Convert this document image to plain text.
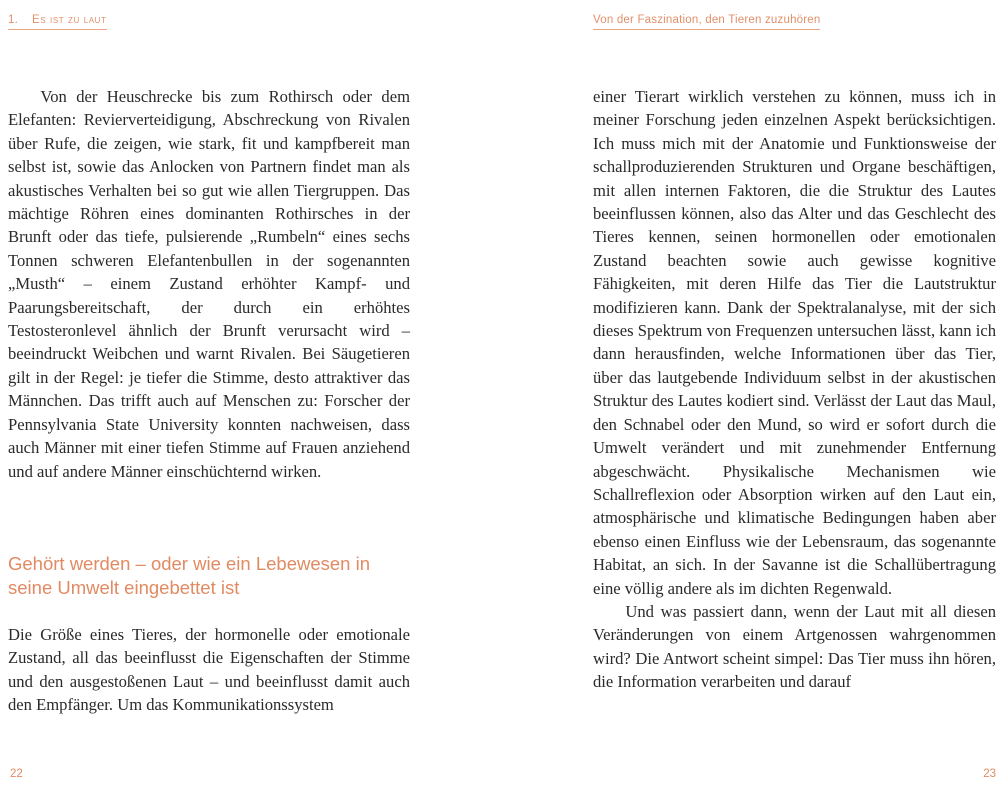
1. Es ist zu laut

Von der Heuschrecke bis zum Rothirsch oder dem Elefanten: Revierverteidigung, Abschreckung von Rivalen über Rufe, die zeigen, wie stark, fit und kampfbereit man selbst ist, sowie das Anlocken von Partnern findet man als akustisches Verhalten bei so gut wie allen Tiergruppen. Das mächtige Röhren eines dominanten Rothirsches in der Brunft oder das tiefe, pulsierende „Rumbeln“ eines sechs Tonnen schweren Elefantenbullen in der sogenannten „Musth“ – einem Zustand erhöhter Kampf- und Paarungsbereitschaft, der durch ein erhöhtes Testosteronlevel ähnlich der Brunft verursacht wird – beeindruckt Weibchen und warnt Rivalen. Bei Säugetieren gilt in der Regel: je tiefer die Stimme, desto attraktiver das Männchen. Das trifft auch auf Menschen zu: Forscher der Pennsylvania State University konnten nachweisen, dass auch Männer mit einer tiefen Stimme auf Frauen anziehend und auf andere Männer einschüchternd wirken.

Gehört werden – oder wie ein Lebewesen in seine Umwelt eingebettet ist

Die Größe eines Tieres, der hormonelle oder emotionale Zustand, all das beeinflusst die Eigenschaften der Stimme und den ausgestoßenen Laut – und beeinflusst damit auch den Empfänger. Um das Kommunikationssystem

22
Von der Faszination, den Tieren zuzuhören

einer Tierart wirklich verstehen zu können, muss ich in meiner Forschung jeden einzelnen Aspekt berücksichtigen. Ich muss mich mit der Anatomie und Funktionsweise der schallproduzierenden Strukturen und Organe beschäftigen, mit allen internen Faktoren, die die Struktur des Lautes beeinflussen können, also das Alter und das Geschlecht des Tieres kennen, seinen hormonellen oder emotionalen Zustand beachten sowie auch gewisse kognitive Fähigkeiten, mit deren Hilfe das Tier die Lautstruktur modifizieren kann. Dank der Spektralanalyse, mit der sich dieses Spektrum von Frequenzen untersuchen lässt, kann ich dann herausfinden, welche Informationen über das Tier, über das lautgebende Individuum selbst in der akustischen Struktur des Lautes kodiert sind. Verlässt der Laut das Maul, den Schnabel oder den Mund, so wird er sofort durch die Umwelt verändert und mit zunehmender Entfernung abgeschwächt. Physikalische Mechanismen wie Schallreflexion oder Absorption wirken auf den Laut ein, atmosphärische und klimatische Bedingungen haben aber ebenso einen Einfluss wie der Lebensraum, das sogenannte Habitat, an sich. In der Savanne ist die Schallübertragung eine völlig andere als im dichten Regenwald.

Und was passiert dann, wenn der Laut mit all diesen Veränderungen von einem Artgenossen wahrgenommen wird? Die Antwort scheint simpel: Das Tier muss ihn hören, die Information verarbeiten und darauf

23
